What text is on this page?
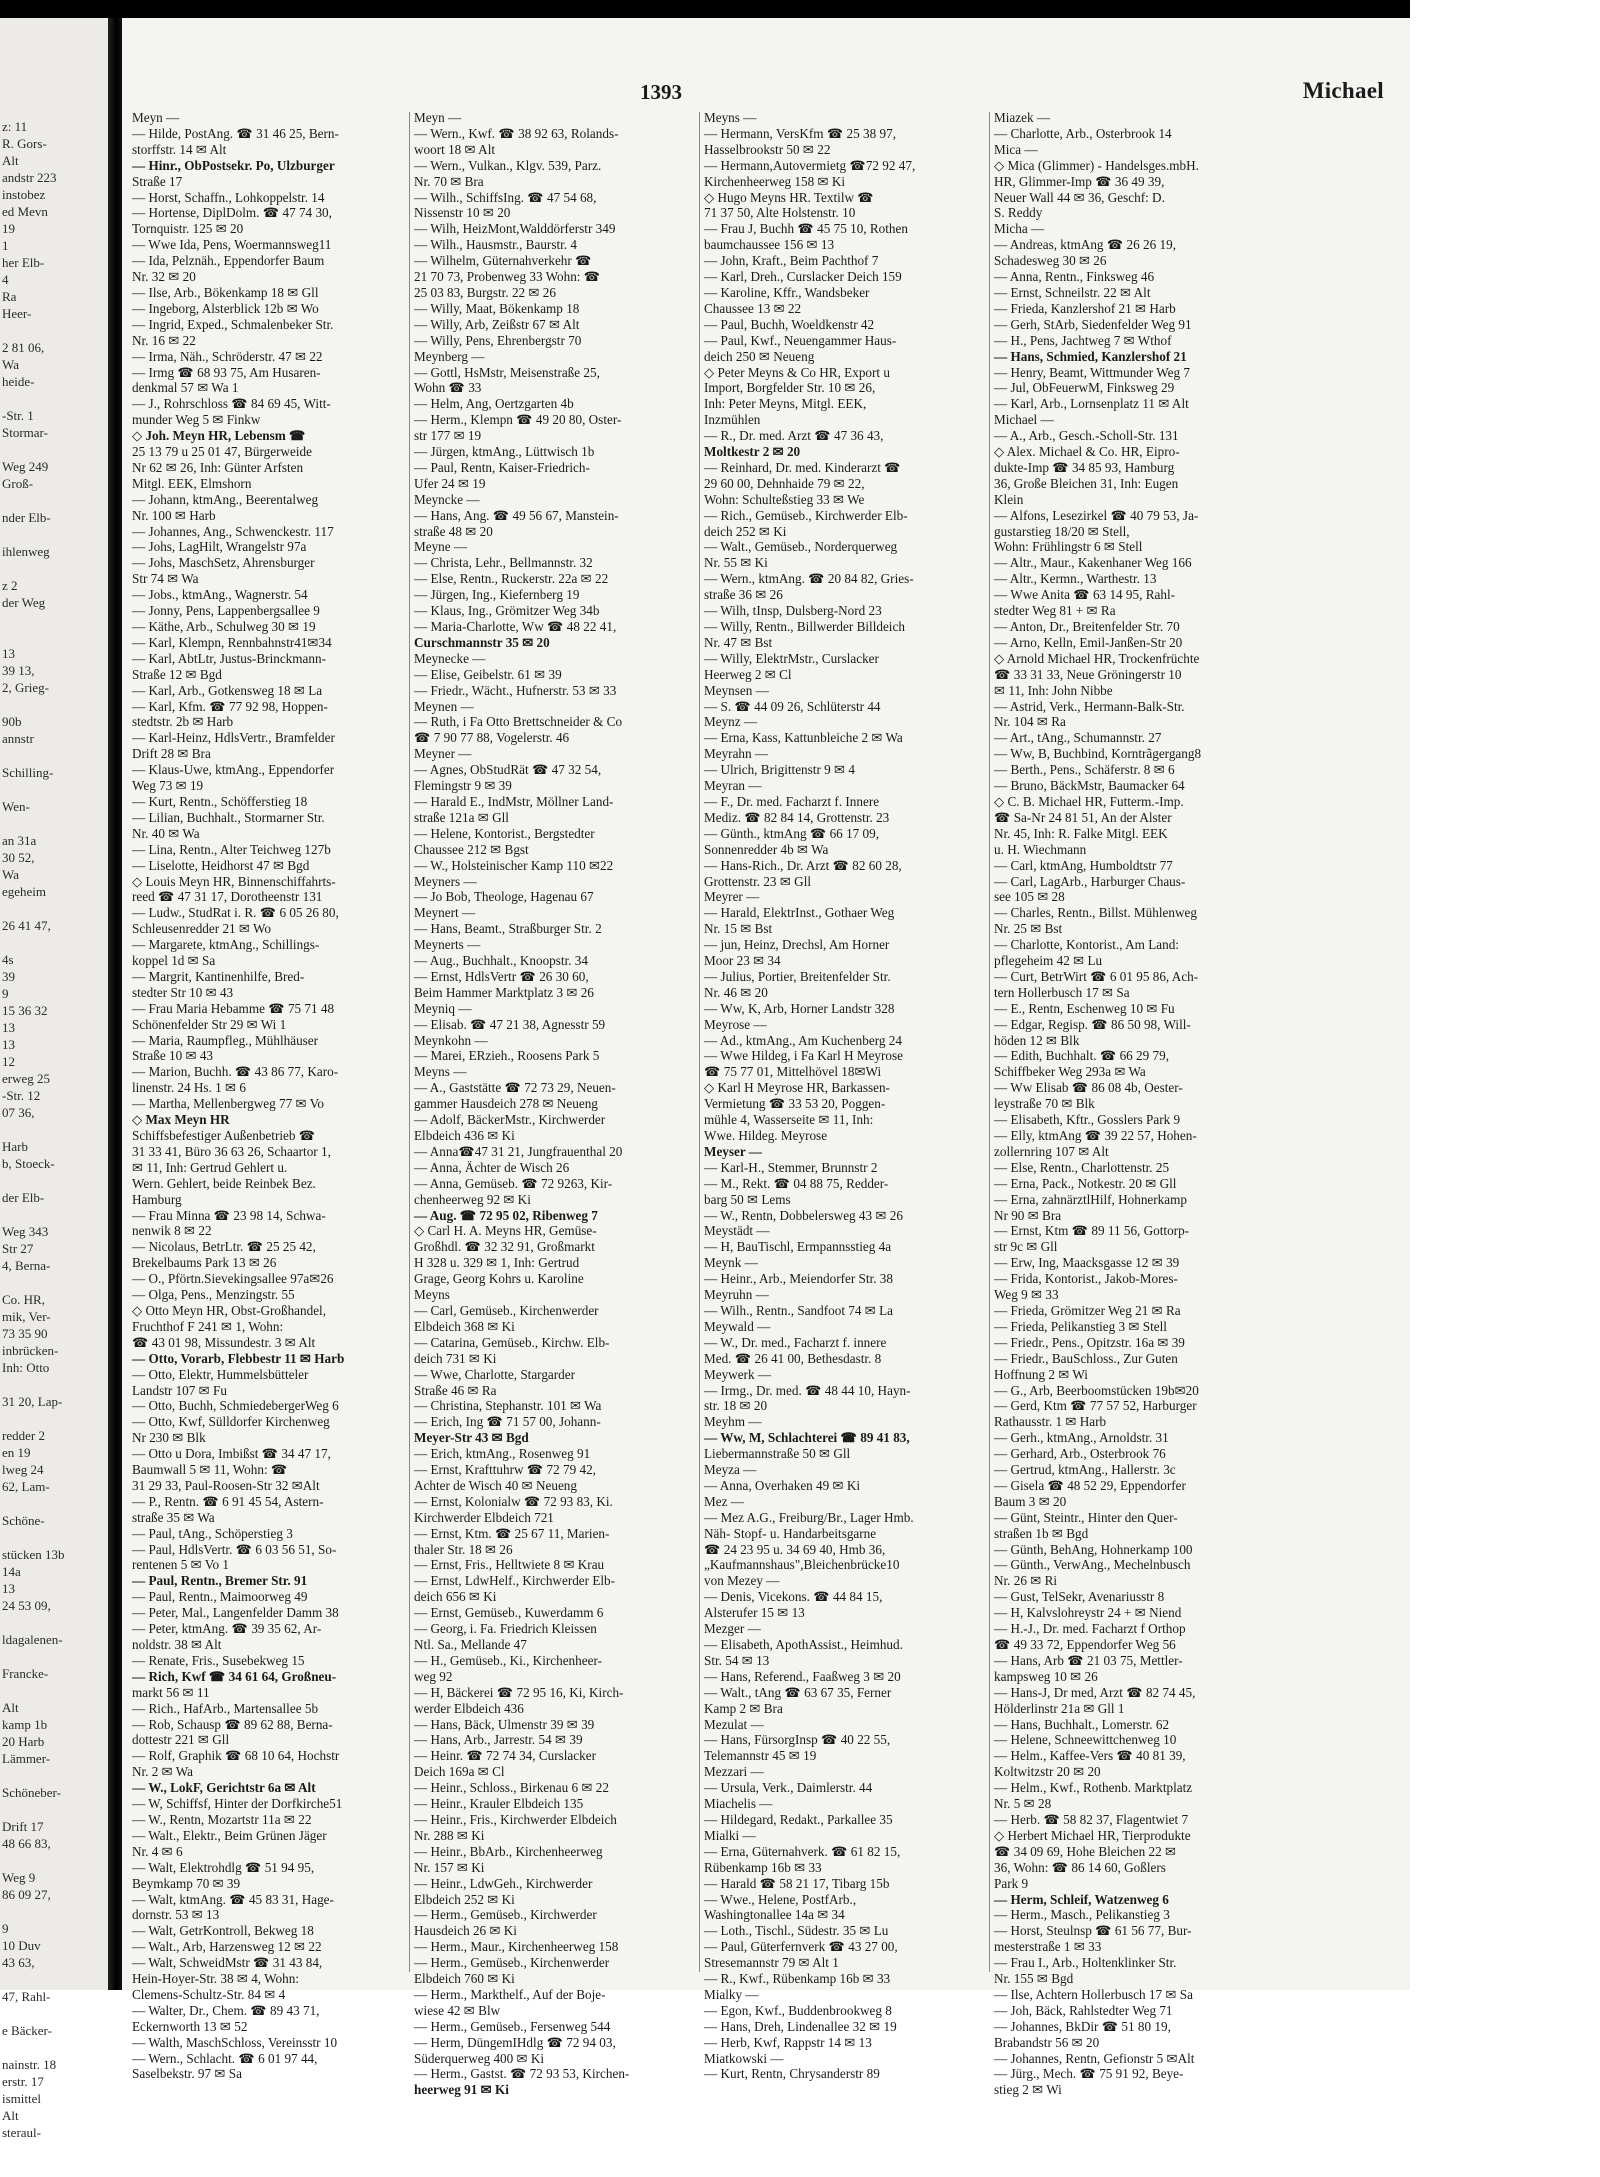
z: 11
R. Gors-
Alt
andstr 223
instobez
ed Mevn
19
1
her Elb-
4
Ra
Heer-
2 81 06,
Wa
heide-
-Str. 1
Stormar-
Weg 249
Groß-
nder Elb-
ihlenweg
z 2
der Weg
13
39 13,
2, Grieg-
90b
annstr
Schilling-
Wen-
an 31a
30 52,
Wa
egeheim
26 41 47,
4s
39
9
15 36 32
13
13
12
erweg 25
-Str. 12
07 36,
Harb
b, Stoeck-
der Elb-
Weg 343
Str 27
4, Berna-
Co. HR,
mik, Ver-
73 35 90
inbrücken-
Inh: Otto
31 20, Lap-
redder 2
en 19
lweg 24
62, Lam-
Schöne-
stücken 13b
14a
13
24 53 09,
ldagalenen-
Francke-
Alt
kamp 1b
20 Harb
Lämmer-
Schöneber-
Drift 17
48 66 83,
Weg 9
86 09 27,
9
10 Duv
43 63,
47, Rahl-
e Bäcker-
nainstr. 18
erstr. 17
ismittel
Alt
steraul-
1393	Michael
Meyn —
— Hilde, PostAng. ☎ 31 46 25, Bern-
storffstr. 14 ✉ Alt
— Hinr., ObPostsekr. Po, Ulzburger
Straße 17
— Horst, Schaffn., Lohkoppelstr. 14
— Hortense, DiplDolm. ☎ 47 74 30,
Tornquistr. 125 ✉ 20
— Wwe Ida, Pens, Woermannsweg11
— Ida, Pelznäh., Eppendorfer Baum
Nr. 32 ✉ 20
— Ilse, Arb., Bökenkamp 18 ✉ Gll
— Ingeborg, Alsterblick 12b ✉ Wo
— Ingrid, Exped., Schmalenbeker Str.
Nr. 16 ✉ 22
— Irma, Näh., Schröderstr. 47 ✉ 22
— Irmg ☎ 68 93 75, Am Husaren-
denkmal 57 ✉ Wa 1
— J., Rohrschloss ☎ 84 69 45, Witt-
munder Weg 5 ✉ Finkw
◇ Joh. Meyn HR, Lebensm ☎
25 13 79 u 25 01 47, Bürgerweide
Nr 62 ✉ 26, Inh: Günter Arfsten
Mitgl. EEK, Elmshorn
— Johann, ktmAng., Beerentalweg
Nr. 100 ✉ Harb
— Johannes, Ang., Schwenckestr. 117
— Johs, LagHilt, Wrangelstr 97a
— Johs, MaschSetz, Ahrensburger
Str 74 ✉ Wa
— Jobs., ktmAng., Wagnerstr. 54
— Jonny, Pens, Lappenbergsallee 9
— Käthe, Arb., Schulweg 30 ✉ 19
— Karl, Klempn, Rennbahnstr41✉34
— Karl, AbtLtr, Justus-Brinckmann-
Straße 12 ✉ Bgd
— Karl, Arb., Gotkensweg 18 ✉ La
— Karl, Kfm. ☎ 77 92 98, Hoppen-
stedtstr. 2b ✉ Harb
— Karl-Heinz, HdlsVertr., Bramfelder
Drift 28 ✉ Bra
— Klaus-Uwe, ktmAng., Eppendorfer
Weg 73 ✉ 19
— Kurt, Rentn., Schöfferstieg 18
— Lilian, Buchhalt., Stormarner Str.
Nr. 40 ✉ Wa
— Lina, Rentn., Alter Teichweg 127b
— Liselotte, Heidhorst 47 ✉ Bgd
◇ Louis Meyn HR, Binnenschiffahrts-
reed ☎ 47 31 17, Dorotheenstr 131
— Ludw., StudRat i. R. ☎ 6 05 26 80,
Schleusenredder 21 ✉ Wo
— Margarete, ktmAng., Schillings-
koppel 1d ✉ Sa
— Margrit, Kantinenhilfe, Bred-
stedter Str 10 ✉ 43
— Frau Maria Hebamme ☎ 75 71 48
Schönenfelder Str 29 ✉ Wi 1
— Maria, Raumpfleg., Mühlhäuser
Straße 10 ✉ 43
— Marion, Buchh. ☎ 43 86 77, Karo-
linenstr. 24 Hs. 1 ✉ 6
— Martha, Mellenbergweg 77 ✉ Vo
◇ Max Meyn HR
Schiffsbefestiger Außenbetrieb ☎
31 33 41, Büro 36 63 26, Schaartor 1,
✉ 11, Inh: Gertrud Gehlert u.
Wern. Gehlert, beide Reinbek Bez.
Hamburg
— Frau Minna ☎ 23 98 14, Schwa-
nenwik 8 ✉ 22
— Nicolaus, BetrLtr. ☎ 25 25 42,
Brekelbaums Park 13 ✉ 26
— O., Pförtn.Sievekingsallee 97a✉26
— Olga, Pens., Menzingstr. 55
◇ Otto Meyn HR, Obst-Großhandel,
Fruchthof F 241 ✉ 1, Wohn:
☎ 43 01 98, Missundestr. 3 ✉ Alt
— Otto, Vorarb, Flebbestr 11 ✉ Harb
— Otto, Elektr, Hummelsbütteler
Landstr 107 ✉ Fu
— Otto, Buchh, SchmiedebergerWeg 6
— Otto, Kwf, Sülldorfer Kirchenweg
Nr 230 ✉ Blk
— Otto u Dora, Imbißst ☎ 34 47 17,
Baumwall 5 ✉ 11, Wohn: ☎
31 29 33, Paul-Roosen-Str 32 ✉Alt
— P., Rentn. ☎ 6 91 45 54, Astern-
straße 35 ✉ Wa
— Paul, tAng., Schöperstieg 3
— Paul, HdlsVertr. ☎ 6 03 56 51, So-
rentenen 5 ✉ Vo 1
— Paul, Rentn., Bremer Str. 91
— Paul, Rentn., Maimoorweg 49
— Peter, Mal., Langenfelder Damm 38
— Peter, ktmAng. ☎ 39 35 62, Ar-
noldstr. 38 ✉ Alt
— Renate, Fris., Susebekweg 15
— Rich, Kwf ☎ 34 61 64, Großneu-
markt 56 ✉ 11
— Rich., HafArb., Martensallee 5b
— Rob, Schausp ☎ 89 62 88, Berna-
dottestr 221 ✉ Gll
— Rolf, Graphik ☎ 68 10 64, Hochstr
Nr. 2 ✉ Wa
— W., LokF, Gerichtstr 6a ✉ Alt
— W, Schiffsf, Hinter der Dorfkirche51
— W., Rentn, Mozartstr 11a ✉ 22
— Walt., Elektr., Beim Grünen Jäger
Nr. 4 ✉ 6
— Walt, Elektrohdlg ☎ 51 94 95,
Beymkamp 70 ✉ 39
— Walt, ktmAng. ☎ 45 83 31, Hage-
dornstr. 53 ✉ 13
— Walt, GetrKontroll, Bekweg 18
— Walt., Arb, Harzensweg 12 ✉ 22
— Walt, SchweidMstr ☎ 31 43 84,
Hein-Hoyer-Str. 38 ✉ 4, Wohn:
Clemens-Schultz-Str. 84 ✉ 4
— Walter, Dr., Chem. ☎ 89 43 71,
Eckernworth 13 ✉ 52
— Walth, MaschSchloss, Vereinsstr 10
— Wern., Schlacht. ☎ 6 01 97 44,
Saselbekstr. 97 ✉ Sa
Meyn —
— Wern., Kwf. ☎ 38 92 63, Rolands-
woort 18 ✉ Alt
— Wern., Vulkan., Klgv. 539, Parz.
Nr. 70 ✉ Bra
— Wilh., SchiffsIng. ☎ 47 54 68,
Nissenstr 10 ✉ 20
— Wilh, HeizMont,Walddörferstr 349
— Wilh., Hausmstr., Baurstr. 4
— Wilhelm, Güternahverkehr ☎
21 70 73, Probenweg 33 Wohn: ☎
25 03 83, Burgstr. 22 ✉ 26
— Willy, Maat, Bökenkamp 18
— Willy, Arb, Zeißstr 67 ✉ Alt
— Willy, Pens, Ehrenbergstr 70
Meynberg —
— Gottl, HsMstr, Meisenstraße 25,
Wohn ☎ 33
— Helm, Ang, Oertzgarten 4b
— Herm., Klempn ☎ 49 20 80, Oster-
str 177 ✉ 19
— Jürgen, ktmAng., Lüttwisch 1b
— Paul, Rentn, Kaiser-Friedrich-
Ufer 24 ✉ 19
Meyncke —
— Hans, Ang. ☎ 49 56 67, Manstein-
straße 48 ✉ 20
Meyne —
— Christa, Lehr., Bellmannstr. 32
— Else, Rentn., Ruckerstr. 22a ✉ 22
— Jürgen, Ing., Kiefernberg 19
— Klaus, Ing., Grömitzer Weg 34b
— Maria-Charlotte, Ww ☎ 48 22 41,
Curschmannstr 35 ✉ 20
Meynecke —
— Elise, Geibelstr. 61 ✉ 39
— Friedr., Wächt., Hufnerstr. 53 ✉ 33
Meynen —
— Ruth, i Fa Otto Brettschneider & Co
☎ 7 90 77 88, Vogelerstr. 46
Meyner —
— Agnes, ObStudRät ☎ 47 32 54,
Flemingstr 9 ✉ 39
— Harald E., IndMstr, Möllner Land-
straße 121a ✉ Gll
— Helene, Kontorist., Bergstedter
Chaussee 212 ✉ Bgst
— W., Holsteinischer Kamp 110 ✉22
Meyners —
— Jo Bob, Theologe, Hagenau 67
Meynert —
— Hans, Beamt., Straßburger Str. 2
Meynerts —
— Aug., Buchhalt., Knoopstr. 34
— Ernst, HdlsVertr ☎ 26 30 60,
Beim Hammer Marktplatz 3 ✉ 26
Meyniq —
— Elisab. ☎ 47 21 38, Agnesstr 59
Meynkohn —
— Marei, ERzieh., Roosens Park 5
Meyns —
— A., Gaststätte ☎ 72 73 29, Neuen-
gammer Hausdeich 278 ✉ Neueng
— Adolf, BäckerMstr., Kirchwerder
Elbdeich 436 ✉ Ki
— Anna☎47 31 21, Jungfrauenthal 20
— Anna, Ächter de Wisch 26
— Anna, Gemüseb. ☎ 72 9263, Kir-
chenheerweg 92 ✉ Ki
— Aug. ☎ 72 95 02, Ribenweg 7
◇ Carl H. A. Meyns HR, Gemüse-
Großhdl. ☎ 32 32 91, Großmarkt
H 328 u. 329 ✉ 1, Inh: Gertrud
Grage, Georg Kohrs u. Karoline
Meyns
— Carl, Gemüseb., Kirchenwerder
Elbdeich 368 ✉ Ki
— Catarina, Gemüseb., Kirchw. Elb-
deich 731 ✉ Ki
— Wwe, Charlotte, Stargarder
Straße 46 ✉ Ra
— Christina, Stephanstr. 101 ✉ Wa
— Erich, Ing ☎ 71 57 00, Johann-
Meyer-Str 43 ✉ Bgd
— Erich, ktmAng., Rosenweg 91
— Ernst, Krafttuhrw ☎ 72 79 42,
Achter de Wisch 40 ✉ Neueng
— Ernst, Kolonialw ☎ 72 93 83, Ki.
Kirchwerder Elbdeich 721
— Ernst, Ktm. ☎ 25 67 11, Marien-
thaler Str. 18 ✉ 26
— Ernst, Fris., Helltwiete 8 ✉ Krau
— Ernst, LdwHelf., Kirchwerder Elb-
deich 656 ✉ Ki
— Ernst, Gemüseb., Kuwerdamm 6
— Georg, i. Fa. Friedrich Kleissen
Ntl. Sa., Mellande 47
— H., Gemüseb., Ki., Kirchenheer-
weg 92
— H, Bäckerei ☎ 72 95 16, Ki, Kirch-
werder Elbdeich 436
— Hans, Bäck, Ulmenstr 39 ✉ 39
— Hans, Arb., Jarrestr. 54 ✉ 39
— Heinr. ☎ 72 74 34, Curslacker
Deich 169a ✉ Cl
— Heinr., Schloss., Birkenau 6 ✉ 22
— Heinr., Krauler Elbdeich 135
— Heinr., Fris., Kirchwerder Elbdeich
Nr. 288 ✉ Ki
— Heinr., BbArb., Kirchenheerweg
Nr. 157 ✉ Ki
— Heinr., LdwGeh., Kirchwerder
Elbdeich 252 ✉ Ki
— Herm., Gemüseb., Kirchwerder
Hausdeich 26 ✉ Ki
— Herm., Maur., Kirchenheerweg 158
— Herm., Gemüseb., Kirchenwerder
Elbdeich 760 ✉ Ki
— Herm., Markthelf., Auf der Boje-
wiese 42 ✉ Blw
— Herm., Gemüseb., Fersenweg 544
— Herm, DüngemIHdlg ☎ 72 94 03,
Süderquerweg 400 ✉ Ki
— Herm., Gastst. ☎ 72 93 53, Kirchen-
heerweg 91 ✉ Ki
Meyns —
— Hermann, VersKfm ☎ 25 38 97,
Hasselbrookstr 50 ✉ 22
— Hermann,Autovermietg ☎72 92 47,
Kirchenheerweg 158 ✉ Ki
◇ Hugo Meyns HR. Textilw ☎
71 37 50, Alte Holstenstr. 10
— Frau J, Buchh ☎ 45 75 10, Rothen
baumchaussee 156 ✉ 13
— John, Kraft., Beim Pachthof 7
— Karl, Dreh., Curslacker Deich 159
— Karoline, Kffr., Wandsbeker
Chaussee 13 ✉ 22
— Paul, Buchh, Woeldkenstr 42
— Paul, Kwf., Neuengammer Haus-
deich 250 ✉ Neueng
◇ Peter Meyns & Co HR, Export u
Import, Borgfelder Str. 10 ✉ 26,
Inh: Peter Meyns, Mitgl. EEK,
Inzmühlen
— R., Dr. med. Arzt ☎ 47 36 43,
Moltkestr 2 ✉ 20
— Reinhard, Dr. med. Kinderarzt ☎
29 60 00, Dehnhaide 79 ✉ 22,
Wohn: Schulteßstieg 33 ✉ We
— Rich., Gemüseb., Kirchwerder Elb-
deich 252 ✉ Ki
— Walt., Gemüseb., Norderquerweg
Nr. 55 ✉ Ki
— Wern., ktmAng. ☎ 20 84 82, Gries-
straße 36 ✉ 26
— Wilh, tInsp, Dulsberg-Nord 23
— Willy, Rentn., Billwerder Billdeich
Nr. 47 ✉ Bst
— Willy, ElektrMstr., Curslacker
Heerweg 2 ✉ Cl
Meynsen —
— S. ☎ 44 09 26, Schlüterstr 44
Meynz —
— Erna, Kass, Kattunbleiche 2 ✉ Wa
Meyrahn —
— Ulrich, Brigittenstr 9 ✉ 4
Meyran —
— F., Dr. med. Facharzt f. Innere
Mediz. ☎ 82 84 14, Grottenstr. 23
— Günth., ktmAng ☎ 66 17 09,
Sonnenredder 4b ✉ Wa
— Hans-Rich., Dr. Arzt ☎ 82 60 28,
Grottenstr. 23 ✉ Gll
Meyrer —
— Harald, ElektrInst., Gothaer Weg
Nr. 15 ✉ Bst
— jun, Heinz, Drechsl, Am Horner
Moor 23 ✉ 34
— Julius, Portier, Breitenfelder Str.
Nr. 46 ✉ 20
— Ww, K, Arb, Horner Landstr 328
Meyrose —
— Ad., ktmAng., Am Kuchenberg 24
— Wwe Hildeg, i Fa Karl H Meyrose
☎ 75 77 01, Mittelhövel 18✉Wi
◇ Karl H Meyrose HR, Barkassen-
Vermietung ☎ 33 53 20, Poggen-
mühle 4, Wasserseite ✉ 11, Inh:
Wwe. Hildeg. Meyrose
Meyser —
— Karl-H., Stemmer, Brunnstr 2
— M., Rekt. ☎ 04 88 75, Redder-
barg 50 ✉ Lems
— W., Rentn, Dobbelersweg 43 ✉ 26
Meystädt —
— H, BauTischl, Ermpannsstieg 4a
Meynk —
— Heinr., Arb., Meiendorfer Str. 38
Meyruhn —
— Wilh., Rentn., Sandfoot 74 ✉ La
Meywald —
— W., Dr. med., Facharzt f. innere
Med. ☎ 26 41 00, Bethesdastr. 8
Meywerk —
— Irmg., Dr. med. ☎ 48 44 10, Hayn-
str. 18 ✉ 20
Meyhm —
— Ww, M, Schlachterei ☎ 89 41 83,
Liebermannstraße 50 ✉ Gll
Meyza —
— Anna, Overhaken 49 ✉ Ki
Mez —
— Mez A.G., Freiburg/Br., Lager Hmb.
Näh- Stopf- u. Handarbeitsgarne
☎ 24 23 95 u. 34 69 40, Hmb 36,
„Kaufmannshaus",Bleichenbrücke10
von Mezey —
— Denis, Vicekons. ☎ 44 84 15,
Alsterufer 15 ✉ 13
Mezger —
— Elisabeth, ApothAssist., Heimhud.
Str. 54 ✉ 13
— Hans, Referend., Faaßweg 3 ✉ 20
— Walt., tAng ☎ 63 67 35, Ferner
Kamp 2 ✉ Bra
Mezulat —
— Hans, FürsorgInsp ☎ 40 22 55,
Telemannstr 45 ✉ 19
Mezzari —
— Ursula, Verk., Daimlerstr. 44
Miachelis —
— Hildegard, Redakt., Parkallee 35
Mialki —
— Erna, Güternahverk. ☎ 61 82 15,
Rübenkamp 16b ✉ 33
— Harald ☎ 58 21 17, Tibarg 15b
— Wwe., Helene, PostfArb.,
Washingtonallee 14a ✉ 34
— Loth., Tischl., Südestr. 35 ✉ Lu
— Paul, Güterfernverk ☎ 43 27 00,
Stresemannstr 79 ✉ Alt 1
— R., Kwf., Rübenkamp 16b ✉ 33
Mialky —
— Egon, Kwf., Buddenbrookweg 8
— Hans, Dreh, Lindenallee 32 ✉ 19
— Herb, Kwf, Rappstr 14 ✉ 13
Miatkowski —
— Kurt, Rentn, Chrysanderstr 89
Miazek —
— Charlotte, Arb., Osterbrook 14
Mica —
◇ Mica (Glimmer) - Handelsges.mbH.
HR, Glimmer-Imp ☎ 36 49 39,
Neuer Wall 44 ✉ 36, Geschf: D.
S. Reddy
Micha —
— Andreas, ktmAng ☎ 26 26 19,
Schadesweg 30 ✉ 26
— Anna, Rentn., Finksweg 46
— Ernst, Schneilstr. 22 ✉ Alt
— Frieda, Kanzlershof 21 ✉ Harb
— Gerh, StArb, Siedenfelder Weg 91
— H., Pens, Jachtweg 7 ✉ Wthof
— Hans, Schmied, Kanzlershof 21
— Henry, Beamt, Wittmunder Weg 7
— Jul, ObFeuerwM, Finksweg 29
— Karl, Arb., Lornsenplatz 11 ✉ Alt
Michael —
— A., Arb., Gesch.-Scholl-Str. 131
◇ Alex. Michael & Co. HR, Eipro-
dukte-Imp ☎ 34 85 93, Hamburg
36, Große Bleichen 31, Inh: Eugen
Klein
— Alfons, Lesezirkel ☎ 40 79 53, Ja-
gustarstieg 18/20 ✉ Stell,
Wohn: Frühlingstr 6 ✉ Stell
— Altr., Maur., Kakenhaner Weg 166
— Altr., Kermn., Warthestr. 13
— Wwe Anita ☎ 63 14 95, Rahl-
stedter Weg 81 + ✉ Ra
— Anton, Dr., Breitenfelder Str. 70
— Arno, Kelln, Emil-Janßen-Str 20
◇ Arnold Michael HR, Trockenfrüchte
☎ 33 31 33, Neue Gröningerstr 10
✉ 11, Inh: John Nibbe
— Astrid, Verk., Hermann-Balk-Str.
Nr. 104 ✉ Ra
— Art., tAng., Schumannstr. 27
— Ww, B, Buchbind, Korntrãgergang8
— Berth., Pens., Schäferstr. 8 ✉ 6
— Bruno, BäckMstr, Baumacker 64
◇ C. B. Michael HR, Futterm.-Imp.
☎ Sa-Nr 24 81 51, An der Alster
Nr. 45, Inh: R. Falke Mitgl. EEK
u. H. Wiechmann
— Carl, ktmAng, Humboldtstr 77
— Carl, LagArb., Harburger Chaus-
see 105 ✉ 28
— Charles, Rentn., Billst. Mühlenweg
Nr. 25 ✉ Bst
— Charlotte, Kontorist., Am Land:
pflegeheim 42 ✉ Lu
— Curt, BetrWirt ☎ 6 01 95 86, Ach-
tern Hollerbusch 17 ✉ Sa
— E., Rentn, Eschenweg 10 ✉ Fu
— Edgar, Regisp. ☎ 86 50 98, Will-
höden 12 ✉ Blk
— Edith, Buchhalt. ☎ 66 29 79,
Schiffbeker Weg 293a ✉ Wa
— Ww Elisab ☎ 86 08 4b, Oester-
leystraße 70 ✉ Blk
— Elisabeth, Kftr., Gosslers Park 9
— Elly, ktmAng ☎ 39 22 57, Hohen-
zollernring 107 ✉ Alt
— Else, Rentn., Charlottenstr. 25
— Erna, Pack., Notkestr. 20 ✉ Gll
— Erna, zahnärztlHilf, Hohnerkamp
Nr 90 ✉ Bra
— Ernst, Ktm ☎ 89 11 56, Gottorp-
str 9c ✉ Gll
— Erw, Ing, Maacksgasse 12 ✉ 39
— Frida, Kontorist., Jakob-Mores-
Weg 9 ✉ 33
— Frieda, Grömitzer Weg 21 ✉ Ra
— Frieda, Pelikanstieg 3 ✉ Stell
— Friedr., Pens., Opitzstr. 16a ✉ 39
— Friedr., BauSchloss., Zur Guten
Hoffnung 2 ✉ Wi
— G., Arb, Beerboomstücken 19b✉20
— Gerd, Ktm ☎ 77 57 52, Harburger
Rathausstr. 1 ✉ Harb
— Gerh., ktmAng., Arnoldstr. 31
— Gerhard, Arb., Osterbrook 76
— Gertrud, ktmAng., Hallerstr. 3c
— Gisela ☎ 48 52 29, Eppendorfer
Baum 3 ✉ 20
— Günt, Steintr., Hinter den Quer-
straßen 1b ✉ Bgd
— Günth, BehAng, Hohnerkamp 100
— Günth., VerwAng., Mechelnbusch
Nr. 26 ✉ Ri
— Gust, TelSekr, Avenariusstr 8
— H, Kalvslohreystr 24 + ✉ Niend
— H.-J., Dr. med. Facharzt f Orthop
☎ 49 33 72, Eppendorfer Weg 56
— Hans, Arb ☎ 21 03 75, Mettler-
kampsweg 10 ✉ 26
— Hans-J, Dr med, Arzt ☎ 82 74 45,
Hölderlinstr 21a ✉ Gll 1
— Hans, Buchhalt., Lomerstr. 62
— Helene, Schneewittchenweg 10
— Helm., Kaffee-Vers ☎ 40 81 39,
Koltwitzstr 20 ✉ 20
— Helm., Kwf., Rothenb. Marktplatz
Nr. 5 ✉ 28
— Herb. ☎ 58 82 37, Flagentwiet 7
◇ Herbert Michael HR, Tierprodukte
☎ 34 09 69, Hohe Bleichen 22 ✉
36, Wohn: ☎ 86 14 60, Goßlers
Park 9
— Herm, Schleif, Watzenweg 6
— Herm., Masch., Pelikanstieg 3
— Horst, Steulnsp ☎ 61 56 77, Bur-
mesterstraße 1 ✉ 33
— Frau I., Arb., Holtenklinker Str.
Nr. 155 ✉ Bgd
— Ilse, Achtern Hollerbusch 17 ✉ Sa
— Joh, Bäck, Rahlstedter Weg 71
— Johannes, BkDir ☎ 51 80 19,
Brabandstr 56 ✉ 20
— Johannes, Rentn, Gefionstr 5 ✉Alt
— Jürg., Mech. ☎ 75 91 92, Beye-
stieg 2 ✉ Wi
